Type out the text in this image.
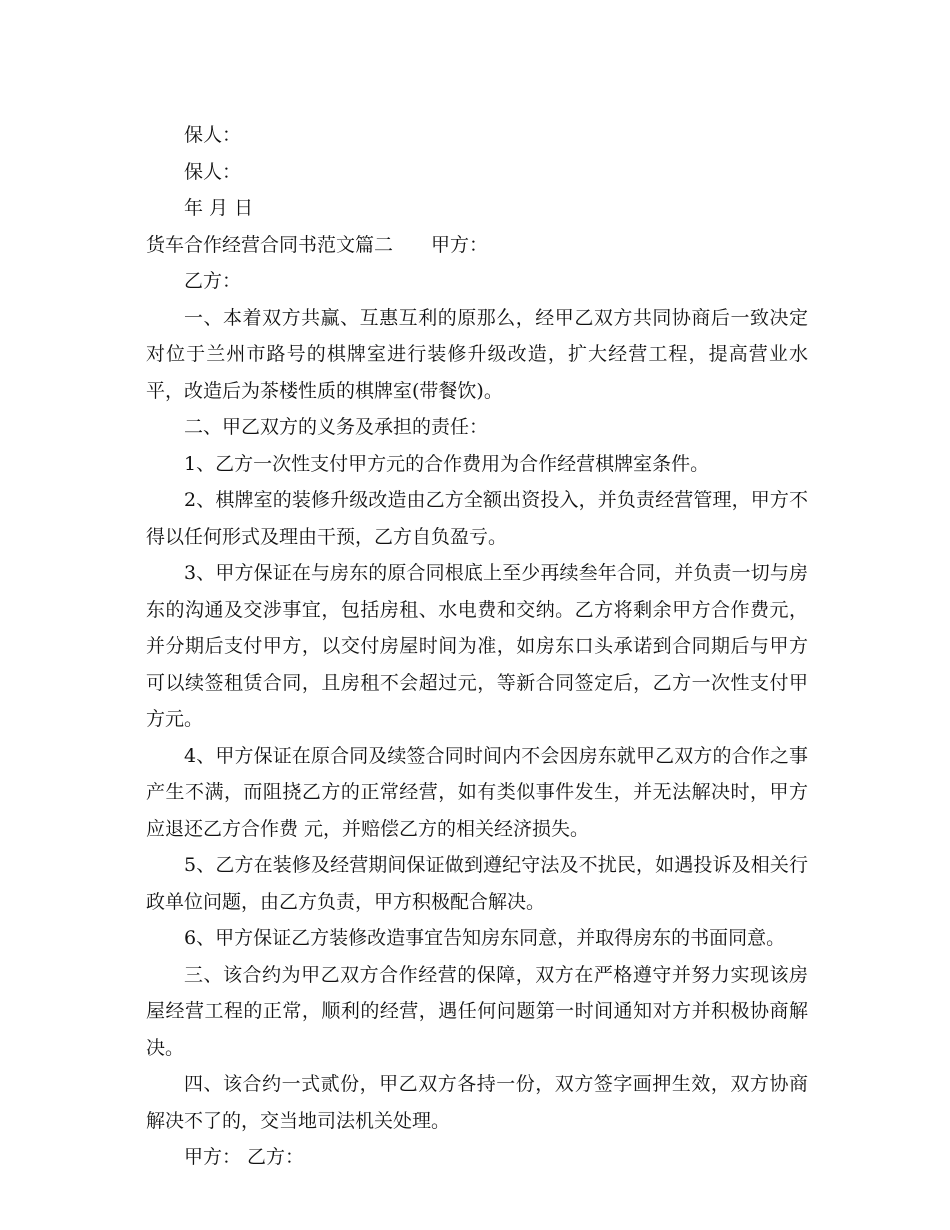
保人：
保人：
年 月 日
货车合作经营合同书范文篇二 甲方：
乙方：
一、本着双方共赢、互惠互利的原那么，经甲乙双方共同协商后一致决定对位于兰州市路号的棋牌室进行装修升级改造，扩大经营工程，提高营业水平，改造后为茶楼性质的棋牌室(带餐饮)。
二、甲乙双方的义务及承担的责任：
1、乙方一次性支付甲方元的合作费用为合作经营棋牌室条件。
2、棋牌室的装修升级改造由乙方全额出资投入，并负责经营管理，甲方不得以任何形式及理由干预，乙方自负盈亏。
3、甲方保证在与房东的原合同根底上至少再续叁年合同，并负责一切与房东的沟通及交涉事宜，包括房租、水电费和交纳。乙方将剩余甲方合作费元，并分期后支付甲方，以交付房屋时间为准，如房东口头承诺到合同期后与甲方可以续签租赁合同，且房租不会超过元，等新合同签定后，乙方一次性支付甲方元。
4、甲方保证在原合同及续签合同时间内不会因房东就甲乙双方的合作之事产生不满，而阻挠乙方的正常经营，如有类似事件发生，并无法解决时，甲方应退还乙方合作费 元，并赔偿乙方的相关经济损失。
5、乙方在装修及经营期间保证做到遵纪守法及不扰民，如遇投诉及相关行政单位问题，由乙方负责，甲方积极配合解决。
6、甲方保证乙方装修改造事宜告知房东同意，并取得房东的书面同意。
三、该合约为甲乙双方合作经营的保障，双方在严格遵守并努力实现该房屋经营工程的正常，顺利的经营，遇任何问题第一时间通知对方并积极协商解决。
四、该合约一式贰份，甲乙双方各持一份，双方签字画押生效，双方协商解决不了的，交当地司法机关处理。
甲方： 乙方：
